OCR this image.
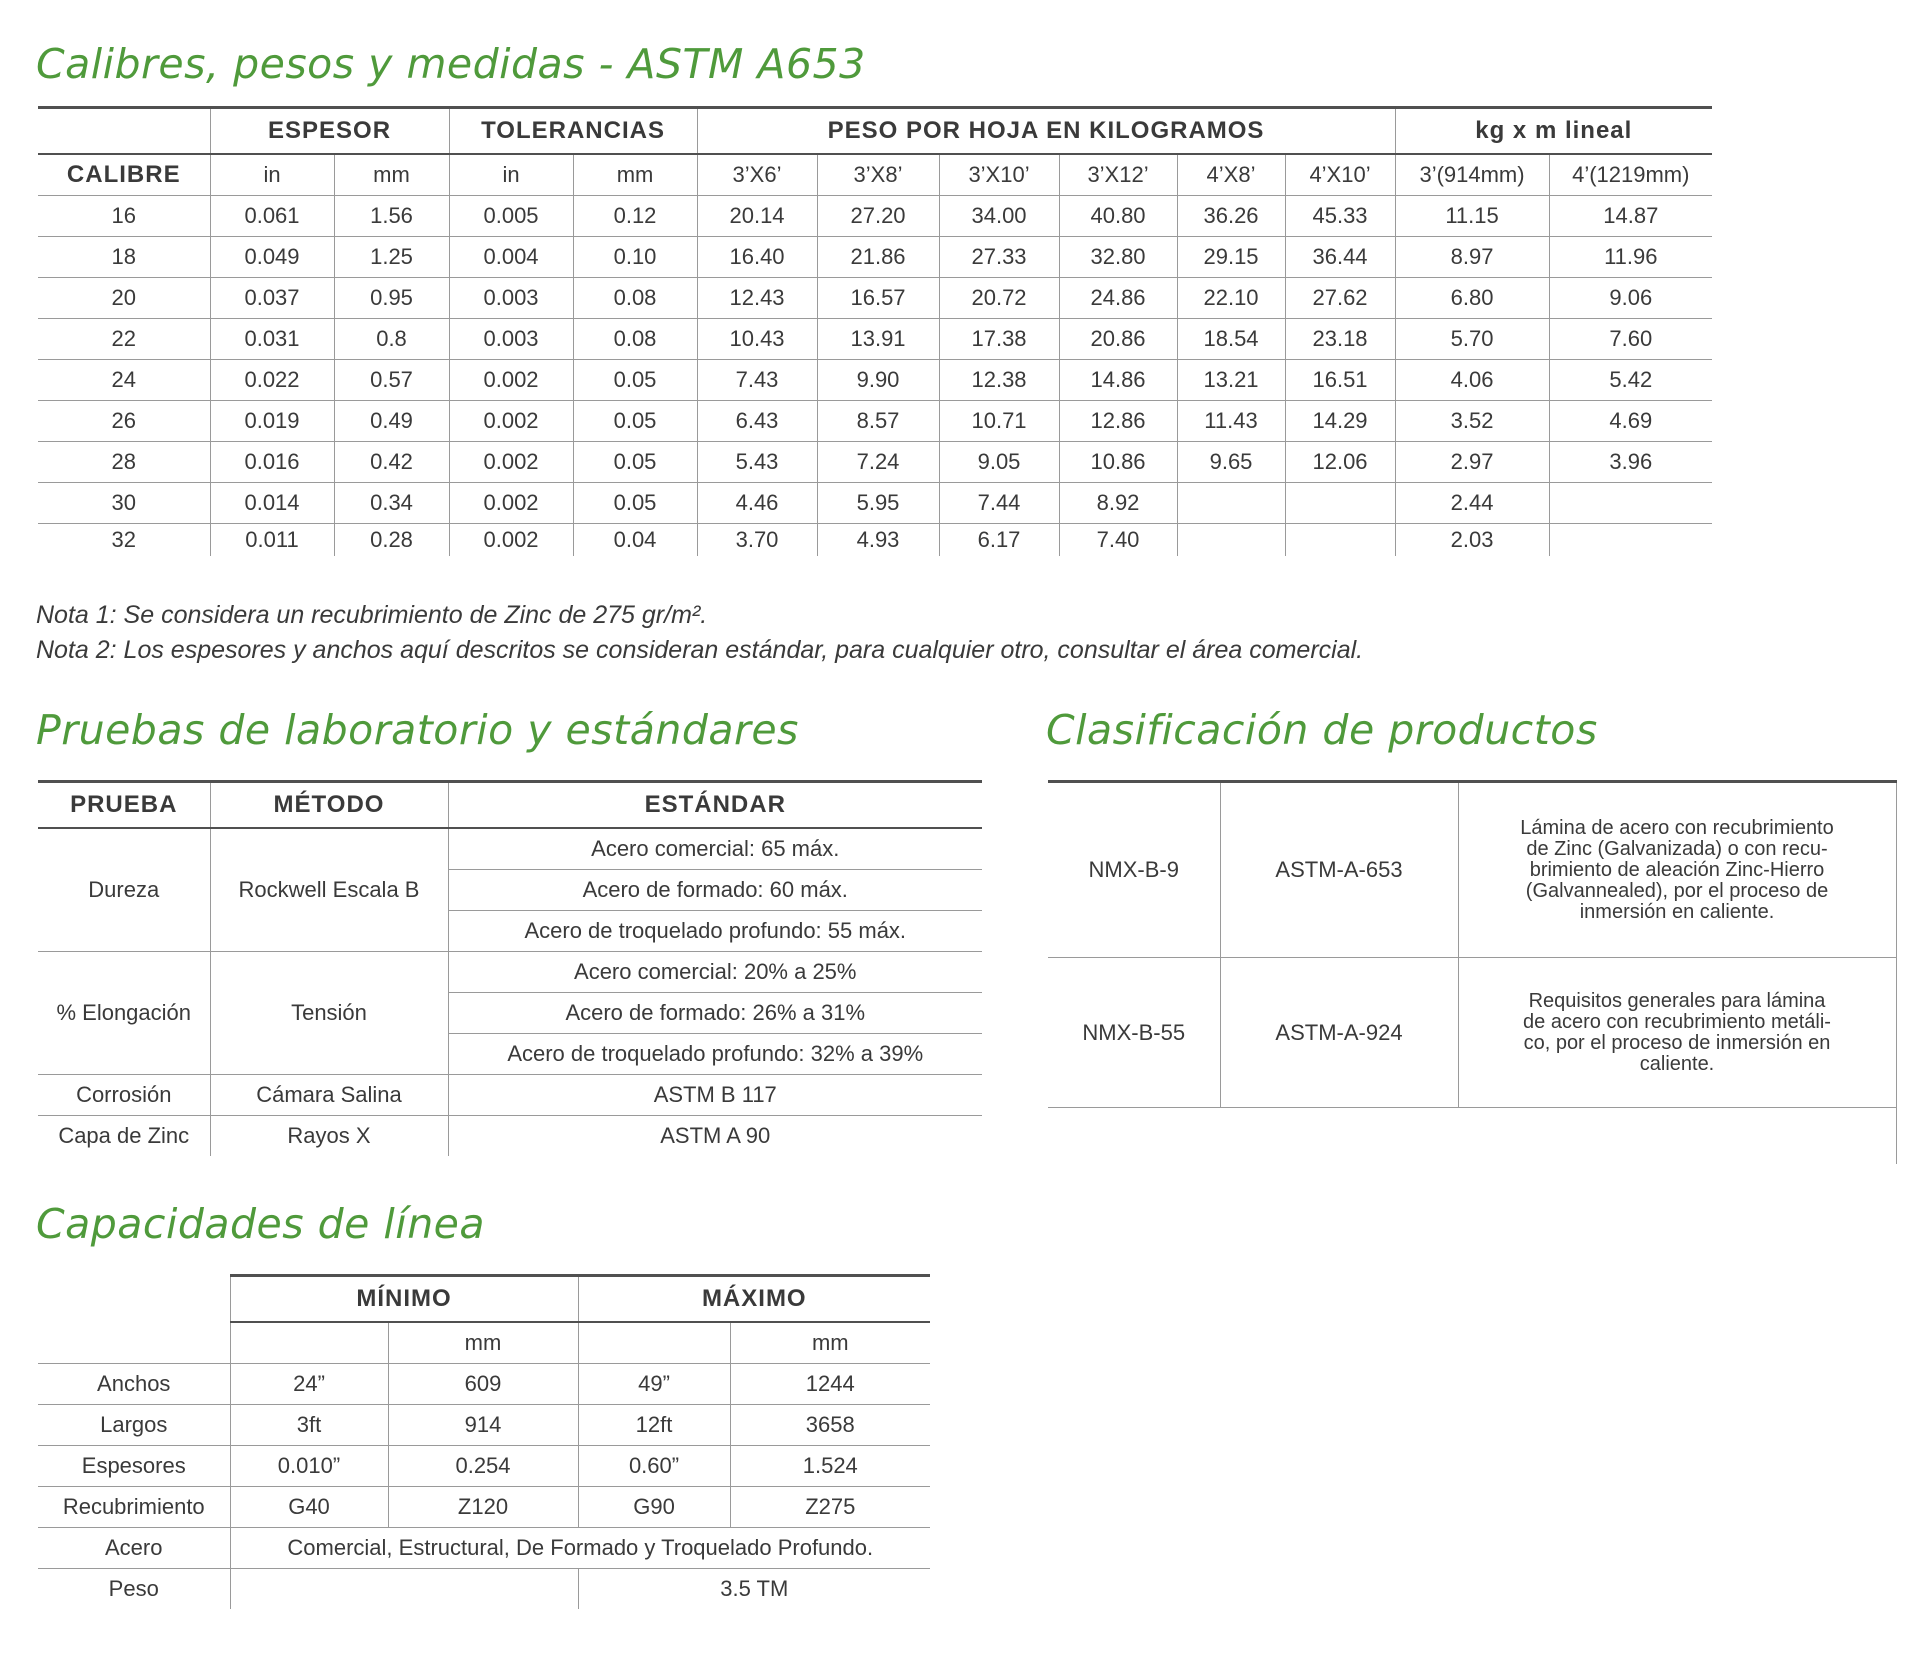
Calibres, pesos y medidas - ASTM A653
	ESPESOR		TOLERANCIAS		PESO POR HOJA EN KILOGRAMOS						kg x m lineal	
CALIBRE	in	mm	in	mm	3’X6’	3’X8’	3’X10’	3’X12’	4’X8’	4’X10’	3’(914mm)	4’(1219mm)
16	0.061	1.56	0.005	0.12	20.14	27.20	34.00	40.80	36.26	45.33	11.15	14.87
18	0.049	1.25	0.004	0.10	16.40	21.86	27.33	32.80	29.15	36.44	8.97	11.96
20	0.037	0.95	0.003	0.08	12.43	16.57	20.72	24.86	22.10	27.62	6.80	9.06
22	0.031	0.8	0.003	0.08	10.43	13.91	17.38	20.86	18.54	23.18	5.70	7.60
24	0.022	0.57	0.002	0.05	7.43	9.90	12.38	14.86	13.21	16.51	4.06	5.42
26	0.019	0.49	0.002	0.05	6.43	8.57	10.71	12.86	11.43	14.29	3.52	4.69
28	0.016	0.42	0.002	0.05	5.43	7.24	9.05	10.86	9.65	12.06	2.97	3.96
30	0.014	0.34	0.002	0.05	4.46	5.95	7.44	8.92			2.44	
32	0.011	0.28	0.002	0.04	3.70	4.93	6.17	7.40			2.03	
Nota 1: Se considera un recubrimiento de Zinc de 275 gr/m².
Nota 2: Los espesores y anchos aquí descritos se consideran estándar, para cualquier otro, consultar el área comercial.
Pruebas de laboratorio y estándares
PRUEBA	MÉTODO	ESTÁNDAR
Dureza	Rockwell Escala B	Acero comercial: 65 máx.
		Acero de formado: 60 máx.
		Acero de troquelado profundo: 55 máx.
% Elongación	Tensión	Acero comercial: 20% a 25%
		Acero de formado: 26% a 31%
		Acero de troquelado profundo: 32% a 39%
Corrosión	Cámara Salina	ASTM B 117
Capa de Zinc	Rayos X	ASTM A 90
Clasificación de productos
NMX-B-9	ASTM-A-653	Lámina de acero con recubrimiento
de Zinc (Galvanizada) o con recu-
brimiento de aleación Zinc-Hierro
(Galvannealed), por el proceso de
inmersión en caliente.

NMX-B-55	ASTM-A-924	Requisitos generales para lámina
de acero con recubrimiento metáli-
co, por el proceso de inmersión en
caliente.

Capacidades de línea
	MÍNIMO		MÁXIMO	
		mm		mm
Anchos	24”	609	49”	1244
Largos	3ft	914	12ft	3658
Espesores	0.010”	0.254	0.60”	1.524
Recubrimiento	G40	Z120	G90	Z275
Acero	Comercial, Estructural, De Formado y Troquelado Profundo.			
Peso			3.5 TM	
